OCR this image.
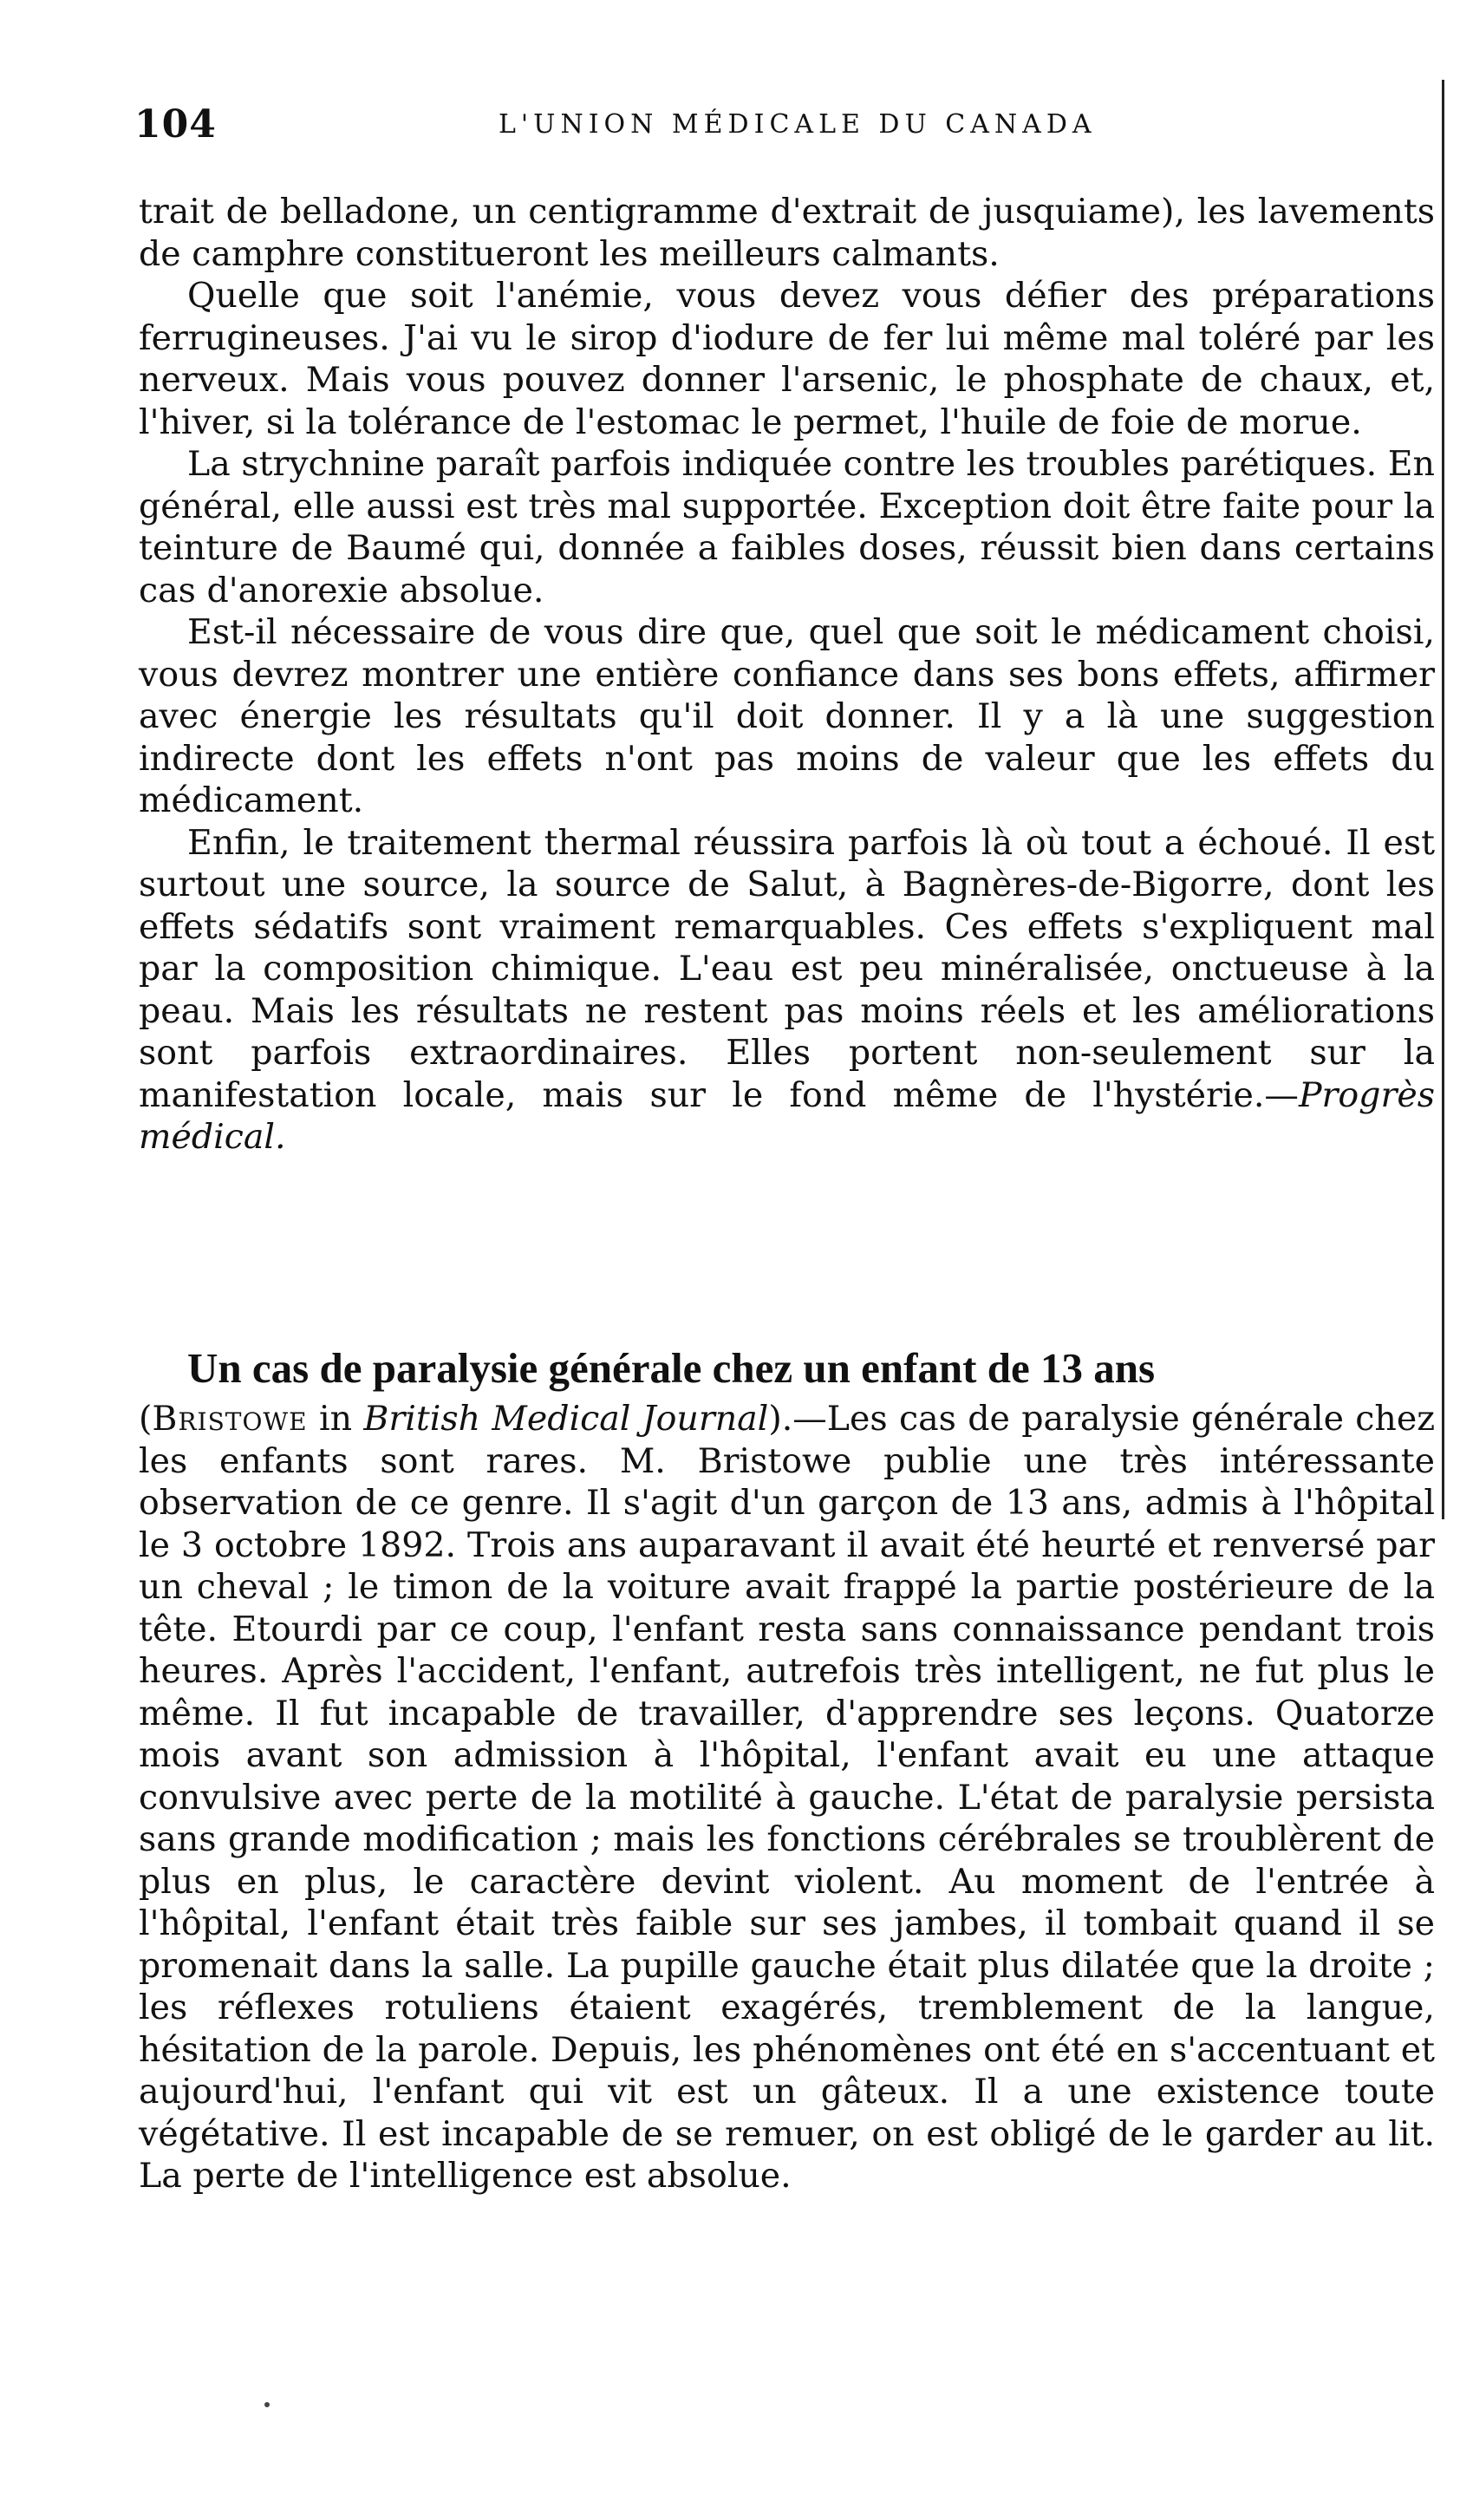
104	L'UNION MÉDICALE DU CANADA

trait de belladone, un centigramme d'extrait de jusquiame), les lavements de camphre constitueront les meilleurs calmants.

Quelle que soit l'anémie, vous devez vous défier des préparations ferrugineuses. J'ai vu le sirop d'iodure de fer lui même mal toléré par les nerveux. Mais vous pouvez donner l'arsenic, le phosphate de chaux, et, l'hiver, si la tolérance de l'estomac le permet, l'huile de foie de morue.

La strychnine paraît parfois indiquée contre les troubles parétiques. En général, elle aussi est très mal supportée. Exception doit être faite pour la teinture de Baumé qui, donnée a faibles doses, réussit bien dans certains cas d'anorexie absolue.

Est-il nécessaire de vous dire que, quel que soit le médicament choisi, vous devrez montrer une entière confiance dans ses bons effets, affirmer avec énergie les résultats qu'il doit donner. Il y a là une suggestion indirecte dont les effets n'ont pas moins de valeur que les effets du médicament.

Enfin, le traitement thermal réussira parfois là où tout a échoué. Il est surtout une source, la source de Salut, à Bagnères-de-Bigorre, dont les effets sédatifs sont vraiment remarquables. Ces effets s'expliquent mal par la composition chimique. L'eau est peu minéralisée, onctueuse à la peau. Mais les résultats ne restent pas moins réels et les améliorations sont parfois extraordinaires. Elles portent non-seulement sur la manifestation locale, mais sur le fond même de l'hystérie.—Progrès médical.

Un cas de paralysie générale chez un enfant de 13 ans

(Bristowe in British Medical Journal).—Les cas de paralysie générale chez les enfants sont rares. M. Bristowe publie une très intéressante observation de ce genre. Il s'agit d'un garçon de 13 ans, admis à l'hôpital le 3 octobre 1892. Trois ans auparavant il avait été heurté et renversé par un cheval ; le timon de la voiture avait frappé la partie postérieure de la tête. Etourdi par ce coup, l'enfant resta sans connaissance pendant trois heures. Après l'accident, l'enfant, autrefois très intelligent, ne fut plus le même. Il fut incapable de travailler, d'apprendre ses leçons. Quatorze mois avant son admission à l'hôpital, l'enfant avait eu une attaque convulsive avec perte de la motilité à gauche. L'état de paralysie persista sans grande modification ; mais les fonctions cérébrales se troublèrent de plus en plus, le caractère devint violent. Au moment de l'entrée à l'hôpital, l'enfant était très faible sur ses jambes, il tombait quand il se promenait dans la salle. La pupille gauche était plus dilatée que la droite ; les réflexes rotuliens étaient exagérés, tremblement de la langue, hésitation de la parole. Depuis, les phénomènes ont été en s'accentuant et aujourd'hui, l'enfant qui vit est un gâteux. Il a une existence toute végétative. Il est incapable de se remuer, on est obligé de le garder au lit. La perte de l'intelligence est absolue.
